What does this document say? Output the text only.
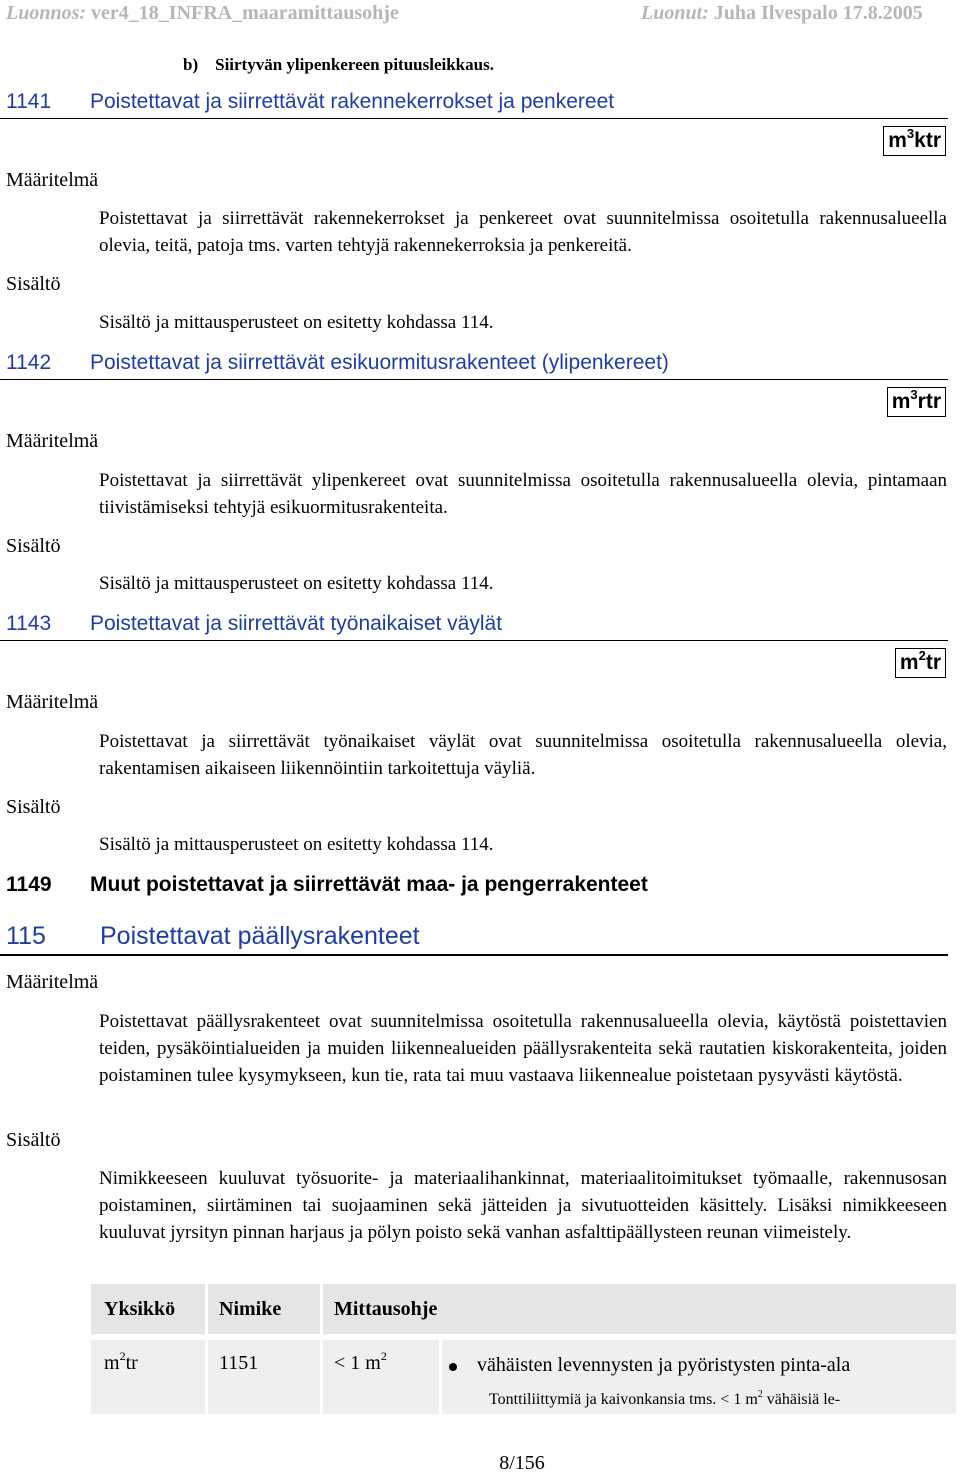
Luonnos: ver4_18_INFRA_maaramittausohje	Luonut: Juha Ilvespalo 17.8.2005
b)    Siirtyvän ylipenkereen pituusleikkaus.
1141 Poistettavat ja siirrettävät rakennekerrokset ja penkereet
$m^3ktr$
Määritelmä
Poistettavat ja siirrettävät rakennekerrokset ja penkereet ovat suunnitelmissa osoitetulla rakennusalueella olevia, teitä, patoja tms. varten tehtyjä rakennekerroksia ja penkereitä.
Sisältö
Sisältö ja mittausperusteet on esitetty kohdassa 114.
1142 Poistettavat ja siirrettävät esikuormitusrakenteet (ylipenkereet)
$m^3rtr$
Määritelmä
Poistettavat ja siirrettävät ylipenkereet ovat suunnitelmissa osoitetulla rakennusalueella olevia, pintamaan tiivistämiseksi tehtyjä esikuormitusrakenteita.
Sisältö
Sisältö ja mittausperusteet on esitetty kohdassa 114.
1143 Poistettavat ja siirrettävät työnaikaiset väylät
$m^2tr$
Määritelmä
Poistettavat ja siirrettävät työnaikaiset väylät ovat suunnitelmissa osoitetulla rakennusalueella olevia, rakentamisen aikaiseen liikennöintiin tarkoitettuja väyliä.
Sisältö
Sisältö ja mittausperusteet on esitetty kohdassa 114.
1149 Muut poistettavat ja siirrettävät maa- ja pengerrakenteet
115 Poistettavat päällysrakenteet
Määritelmä
Poistettavat päällysrakenteet ovat suunnitelmissa osoitetulla rakennusalueella olevia, käytöstä poistettavien teiden, pysäköintialueiden ja muiden liikennealueiden päällysrakenteita sekä rautatien kiskorakenteita, joiden poistaminen tulee kysymykseen, kun tie, rata tai muu vastaava liikennealue poistetaan pysyvästi käytöstä.
Sisältö
Nimikkeeseen kuuluvat työsuorite- ja materiaalihankinnat, materiaalitoimitukset työmaalle, rakennusosan poistaminen, siirtäminen tai suojaaminen sekä jätteiden ja sivutuotteiden käsittely. Lisäksi nimikkeeseen kuuluvat jyrsityn pinnan harjaus ja pölyn poisto sekä vanhan asfalttipäällysteen reunan viimeistely.
Yksikkö Nimike	Mittausohje
$m^2tr$	1151	< 1 $m^2$	vähäisten levennysten ja pyöristysten pinta-ala
Tonttiliittymiä ja kaivonkansia tms. < 1 $m^2$ vähäisiä le-
8/156
